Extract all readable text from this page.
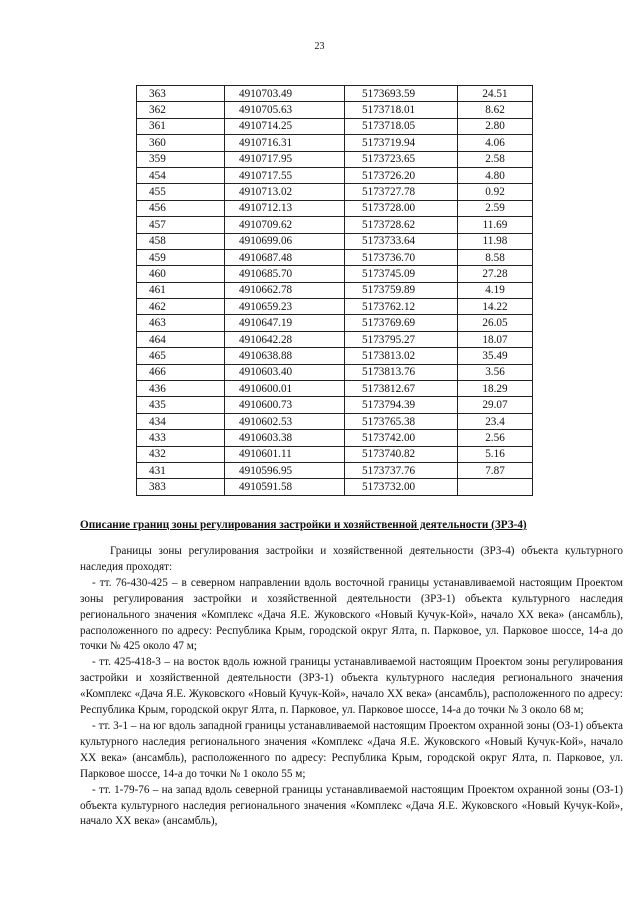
23
363	4910703.49	5173693.59	24.51
362	4910705.63	5173718.01	8.62
361	4910714.25	5173718.05	2.80
360	4910716.31	5173719.94	4.06
359	4910717.95	5173723.65	2.58
454	4910717.55	5173726.20	4.80
455	4910713.02	5173727.78	0.92
456	4910712.13	5173728.00	2.59
457	4910709.62	5173728.62	11.69
458	4910699.06	5173733.64	11.98
459	4910687.48	5173736.70	8.58
460	4910685.70	5173745.09	27.28
461	4910662.78	5173759.89	4.19
462	4910659.23	5173762.12	14.22
463	4910647.19	5173769.69	26.05
464	4910642.28	5173795.27	18.07
465	4910638.88	5173813.02	35.49
466	4910603.40	5173813.76	3.56
436	4910600.01	5173812.67	18.29
435	4910600.73	5173794.39	29.07
434	4910602.53	5173765.38	23.4
433	4910603.38	5173742.00	2.56
432	4910601.11	5173740.82	5.16
431	4910596.95	5173737.76	7.87
383	4910591.58	5173732.00	
Описание границ зоны регулирования застройки и хозяйственной деятельности (ЗРЗ-4)

Границы зоны регулирования застройки и хозяйственной деятельности (ЗРЗ-4) объекта культурного наследия проходят:

- тт. 76-430-425 – в северном направлении вдоль восточной границы устанавливаемой настоящим Проектом зоны регулирования застройки и хозяйственной деятельности (ЗРЗ-1) объекта культурного наследия регионального значения «Комплекс «Дача Я.Е. Жуковского «Новый Кучук-Кой», начало XX века» (ансамбль), расположенного по адресу: Республика Крым, городской округ Ялта, п. Парковое, ул. Парковое шоссе, 14-а до точки № 425 около 47 м;

- тт. 425-418-3 – на восток вдоль южной границы устанавливаемой настоящим Проектом зоны регулирования застройки и хозяйственной деятельности (ЗРЗ-1) объекта культурного наследия регионального значения «Комплекс «Дача Я.Е. Жуковского «Новый Кучук-Кой», начало XX века» (ансамбль), расположенного по адресу: Республика Крым, городской округ Ялта, п. Парковое, ул. Парковое шоссе, 14-а до точки № 3 около 68 м;

- тт. 3-1 – на юг вдоль западной границы устанавливаемой настоящим Проектом охранной зоны (ОЗ-1) объекта культурного наследия регионального значения «Комплекс «Дача Я.Е. Жуковского «Новый Кучук-Кой», начало XX века» (ансамбль), расположенного по адресу: Республика Крым, городской округ Ялта, п. Парковое, ул. Парковое шоссе, 14-а до точки № 1 около 55 м;

- тт. 1-79-76 – на запад вдоль северной границы устанавливаемой настоящим Проектом охранной зоны (ОЗ-1) объекта культурного наследия регионального значения «Комплекс «Дача Я.Е. Жуковского «Новый Кучук-Кой», начало XX века» (ансамбль),
